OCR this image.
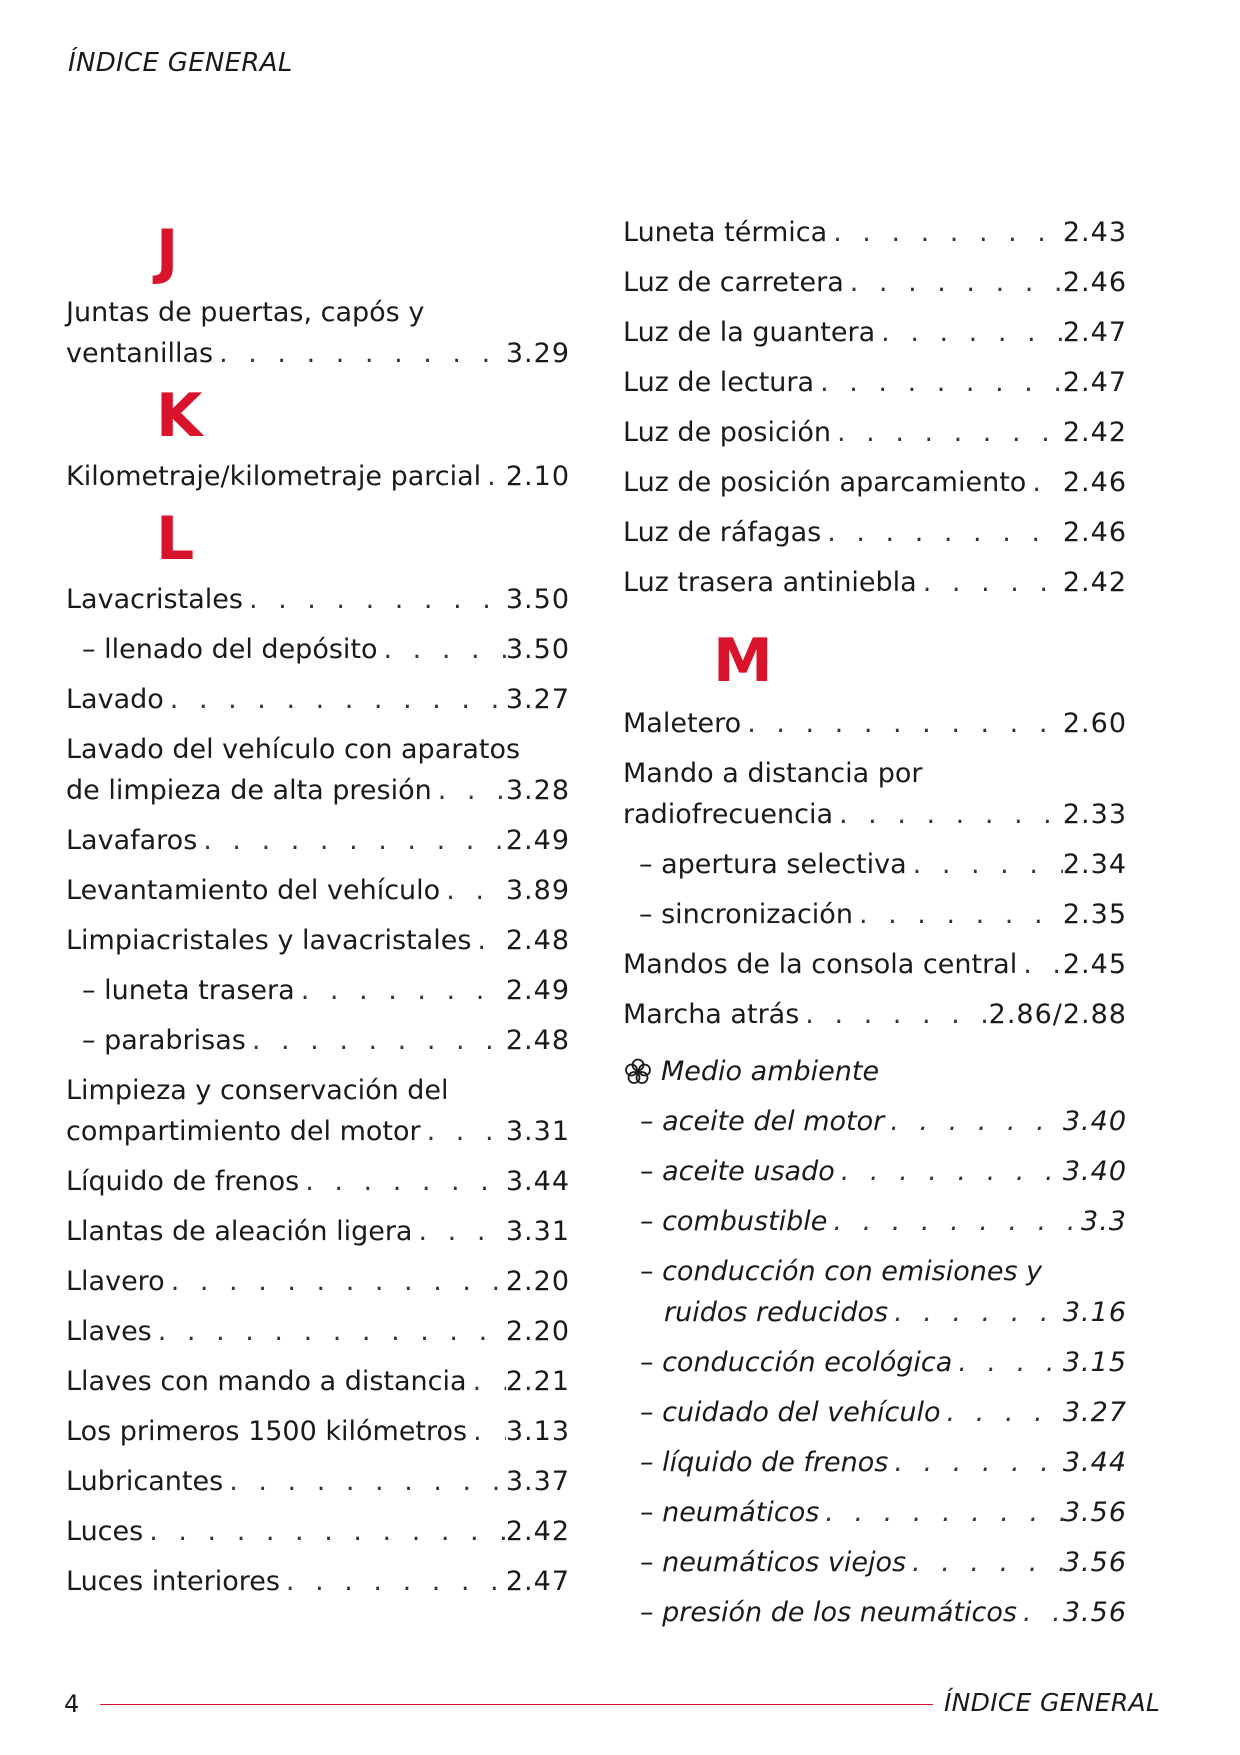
ÍNDICE GENERAL
J
Juntas de puertas, capós y
ventanillas . . .	3.29
K
Kilometraje/kilometraje parcial . . . 2.10
L
Lavacristales . . .	3.50
– llenado del depósito . . .	3.50
Lavado . . .	3.27
Lavado del vehículo con aparatos
de limpieza de alta presión . . .	3.28
Lavafaros . . .	2.49
Levantamiento del vehículo . . . 3.89
Limpiacristales y lavacristales . . . 2.48
– luneta trasera . . .	2.49
– parabrisas . . .	2.48
Limpieza y conservación del
compartimiento del motor . . .	3.31
Líquido de frenos . . .	3.44
Llantas de aleación ligera . . .	3.31
Llavero . . .	2.20
Llaves . . .	2.20
Llaves con mando a distancia . . . 2.21
Los primeros 1500 kilómetros . . . 3.13
Lubricantes . . .	3.37
Luces . . .	2.42
Luces interiores . . .	2.47
Luneta térmica . . .	2.43
Luz de carretera . . .	2.46
Luz de la guantera . . .	2.47
Luz de lectura . . .	2.47
Luz de posición . . .	2.42
Luz de posición aparcamiento . . . 2.46
Luz de ráfagas . . .	2.46
Luz trasera antiniebla . . .	2.42
M
Maletero . . .	2.60
Mando a distancia por
radiofrecuencia . . .	2.33
– apertura selectiva . . .	2.34
– sincronización . . .	2.35
Mandos de la consola central . . . 2.45
Marcha atrás . . .	2.86/2.88
Medio ambiente
– aceite del motor . . .	3.40
– aceite usado . . .	3.40
– combustible . . .	3.3
– conducción con emisiones y
ruidos reducidos . . .	3.16
– conducción ecológica . . .	3.15
– cuidado del vehículo . . .	3.27
– líquido de frenos . . .	3.44
– neumáticos . . .	3.56
– neumáticos viejos . . .	3.56
– presión de los neumáticos . . . 3.56
4	ÍNDICE GENERAL
